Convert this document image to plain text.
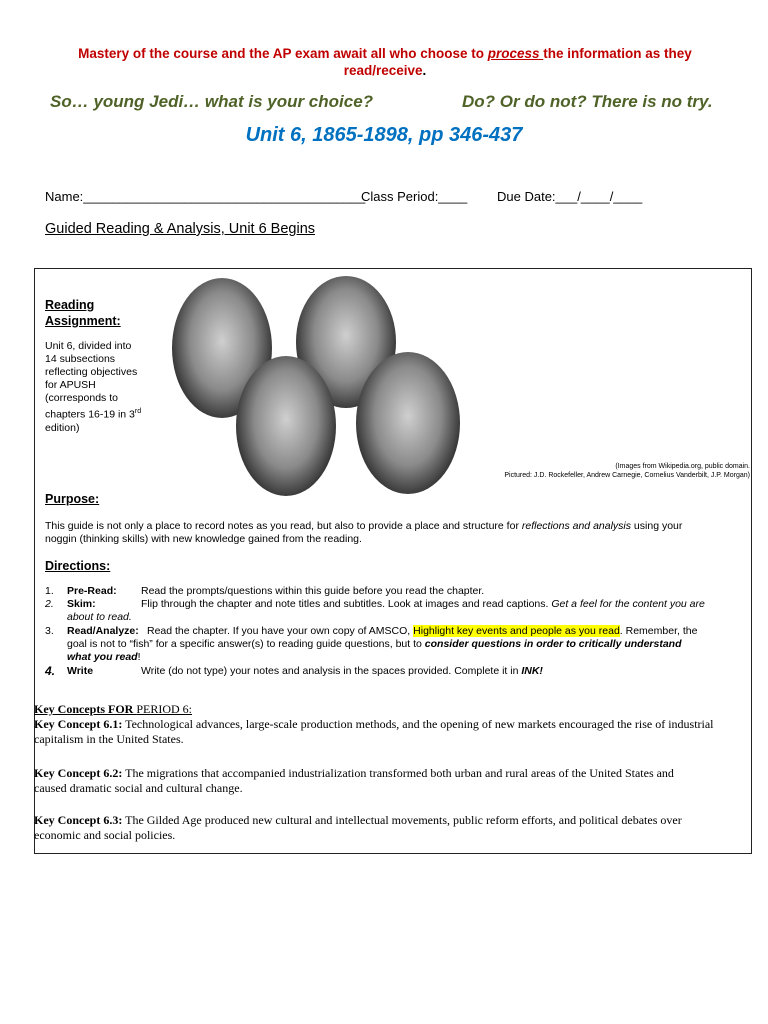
Mastery of the course and the AP exam await all who choose to process the information as they read/receive.
So… young Jedi… what is your choice?	Do? Or do not? There is no try.
Unit 6, 1865-1898, pp 346-437
Name:_______________________________________
Class Period:____ Due Date:___/____/____
Guided Reading & Analysis, Unit 6 Begins
Reading
Assignment:
Unit 6, divided into
14 subsections
reflecting objectives
for APUSH
(corresponds to
chapters 16-19 in 3rd
edition)
(Images from Wikipedia.org, public domain.
Pictured: J.D. Rockefeller, Andrew Carnegie, Cornelius Vanderbilt, J.P. Morgan)
Purpose:
This guide is not only a place to record notes as you read, but also to provide a place and structure for reflections and analysis using your
noggin (thinking skills) with new knowledge gained from the reading.
Directions:
1. Pre-Read: Read the prompts/questions within this guide before you read the chapter.
2. Skim:	Flip through the chapter and note titles and subtitles. Look at images and read captions. Get a feel for the content you are
about to read.
3. Read/Analyze: Read the chapter. If you have your own copy of AMSCO, Highlight key events and people as you read. Remember, the
goal is not to “fish” for a specific answer(s) to reading guide questions, but to consider questions in order to critically understand
what you read!
4. Write	Write (do not type) your notes and analysis in the spaces provided. Complete it in INK!
Key Concepts FOR PERIOD 6:
Key Concept 6.1: Technological advances, large-scale production methods, and the opening of new markets encouraged the rise of industrial
capitalism in the United States.
Key Concept 6.2: The migrations that accompanied industrialization transformed both urban and rural areas of the United States and
caused dramatic social and cultural change.
Key Concept 6.3: The Gilded Age produced new cultural and intellectual movements, public reform efforts, and political debates over
economic and social policies.
